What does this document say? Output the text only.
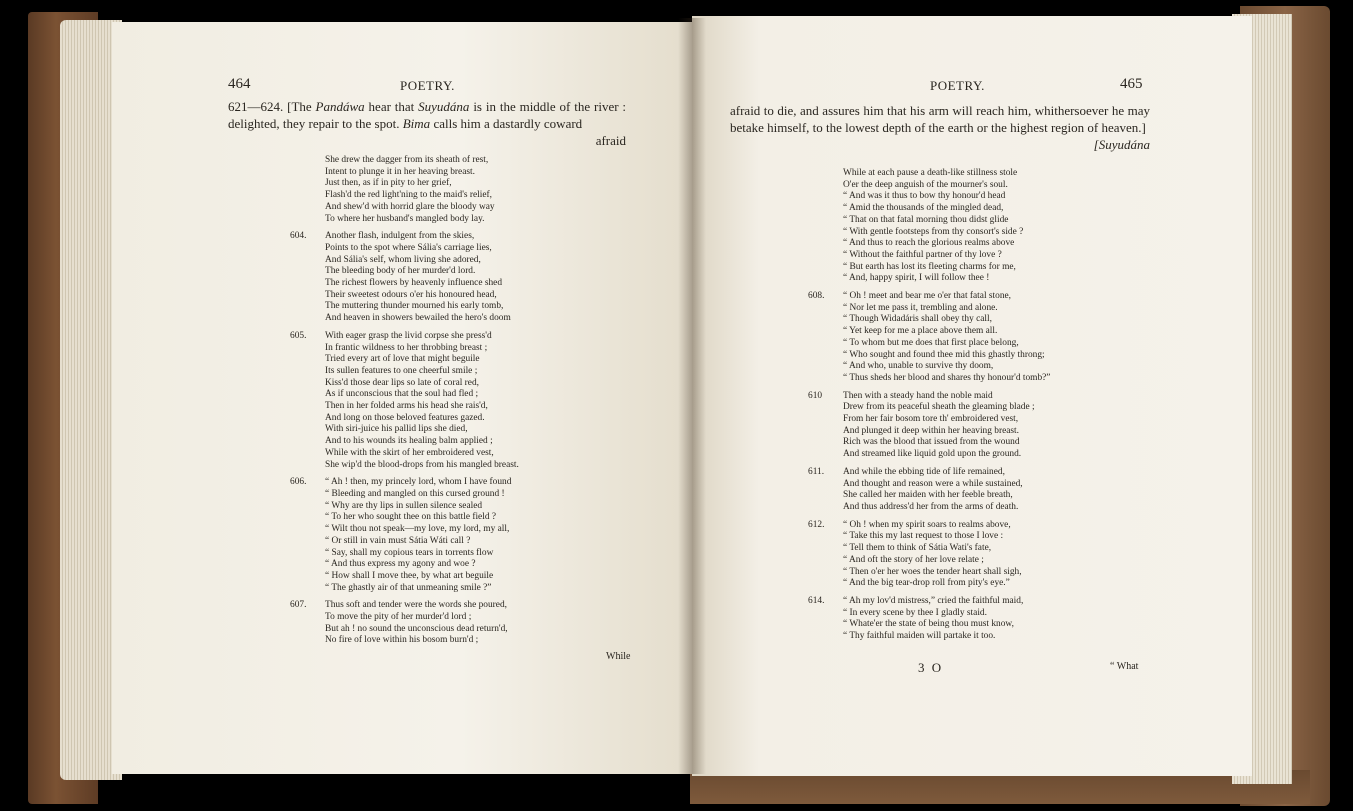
464	POETRY.
621—624. [The Pandáwa hear that Suyudána is in the middle of the river : delighted, they repair to the spot. Bima calls him a dastardly coward
afraid
She drew the dagger from its sheath of rest,
Intent to plunge it in her heaving breast.
Just then, as if in pity to her grief,
Flash'd the red light'ning to the maid's relief,
And shew'd with horrid glare the bloody way
To where her husband's mangled body lay.
604. Another flash, indulgent from the skies,
Points to the spot where Sália's carriage lies,
And Sália's self, whom living she adored,
The bleeding body of her murder'd lord.
The richest flowers by heavenly influence shed
Their sweetest odours o'er his honoured head,
The muttering thunder mourned his early tomb,
And heaven in showers bewailed the hero's doom
605. With eager grasp the livid corpse she press'd
In frantic wildness to her throbbing breast ;
Tried every art of love that might beguile
Its sullen features to one cheerful smile ;
Kiss'd those dear lips so late of coral red,
As if unconscious that the soul had fled ;
Then in her folded arms his head she rais'd,
And long on those beloved features gazed.
With siri-juice his pallid lips she died,
And to his wounds its healing balm applied ;
While with the skirt of her embroidered vest,
She wip'd the blood-drops from his mangled breast.
606. “ Ah ! then, my princely lord, whom I have found
“ Bleeding and mangled on this cursed ground !
“ Why are thy lips in sullen silence sealed
“ To her who sought thee on this battle field ?
“ Wilt thou not speak—my love, my lord, my all,
“ Or still in vain must Sátia Wáti call ?
“ Say, shall my copious tears in torrents flow
“ And thus express my agony and woe ?
“ How shall I move thee, by what art beguile
“ The ghastly air of that unmeaning smile ?”
607. Thus soft and tender were the words she poured,
To move the pity of her murder'd lord ;
But ah ! no sound the unconscious dead return'd,
No fire of love within his bosom burn'd ;
While
POETRY.	465
afraid to die, and assures him that his arm will reach him, whithersoever he may betake himself, to the lowest depth of the earth or the highest region of heaven.]
[Suyudána
While at each pause a death-like stillness stole
O'er the deep anguish of the mourner's soul.
“ And was it thus to bow thy honour'd head
“ Amid the thousands of the mingled dead,
“ That on that fatal morning thou didst glide
“ With gentle footsteps from thy consort's side ?
“ And thus to reach the glorious realms above
“ Without the faithful partner of thy love ?
“ But earth has lost its fleeting charms for me,
“ And, happy spirit, I will follow thee !
608. “ Oh ! meet and bear me o'er that fatal stone,
“ Nor let me pass it, trembling and alone.
“ Though Widadáris shall obey thy call,
“ Yet keep for me a place above them all.
“ To whom but me does that first place belong,
“ Who sought and found thee mid this ghastly throng;
“ And who, unable to survive thy doom,
“ Thus sheds her blood and shares thy honour'd tomb?”
610 Then with a steady hand the noble maid
Drew from its peaceful sheath the gleaming blade ;
From her fair bosom tore th' embroidered vest,
And plunged it deep within her heaving breast.
Rich was the blood that issued from the wound
And streamed like liquid gold upon the ground.
611. And while the ebbing tide of life remained,
And thought and reason were a while sustained,
She called her maiden with her feeble breath,
And thus address'd her from the arms of death.
612. “ Oh ! when my spirit soars to realms above,
“ Take this my last request to those I love :
“ Tell them to think of Sátia Wati's fate,
“ And oft the story of her love relate ;
“ Then o'er her woes the tender heart shall sigh,
“ And the big tear-drop roll from pity's eye.”
614. “ Ah my lov'd mistress,” cried the faithful maid,
“ In every scene by thee I gladly staid.
“ Whate'er the state of being thou must know,
“ Thy faithful maiden will partake it too.
3 O	“ What
